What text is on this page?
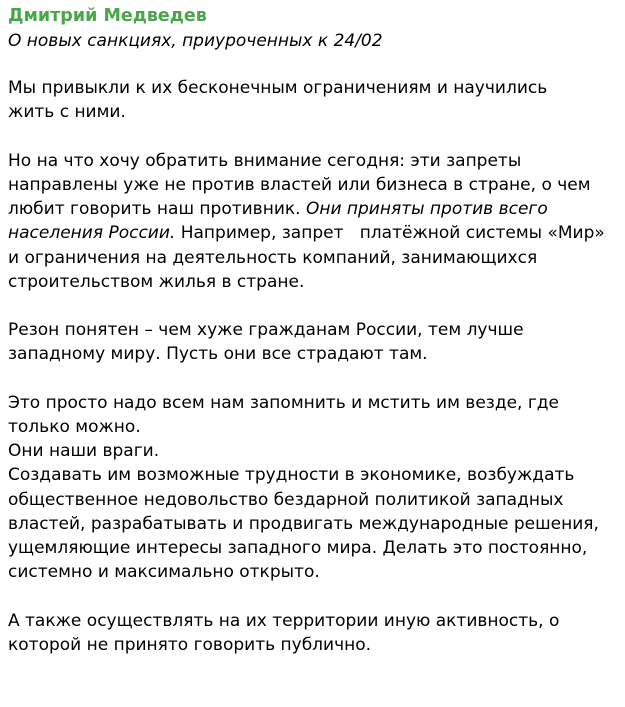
Дмитрий Медведев
О новых санкциях, приуроченных к 24/02
Мы привыкли к их бесконечным ограничениям и научились
жить с ними.
Но на что хочу обратить внимание сегодня: эти запреты
направлены уже не против властей или бизнеса в стране, о чем
любит говорить наш противник. Они приняты против всего
населения России. Например, запрет   платёжной системы «Мир»
и ограничения на деятельность компаний, занимающихся
строительством жилья в стране.
Резон понятен – чем хуже гражданам России, тем лучше
западному миру. Пусть они все страдают там.
Это просто надо всем нам запомнить и мстить им везде, где
только можно.
Они наши враги.
Создавать им возможные трудности в экономике, возбуждать
общественное недовольство бездарной политикой западных
властей, разрабатывать и продвигать международные решения,
ущемляющие интересы западного мира. Делать это постоянно,
системно и максимально открыто.
А также осуществлять на их территории иную активность, о
которой не принято говорить публично.
